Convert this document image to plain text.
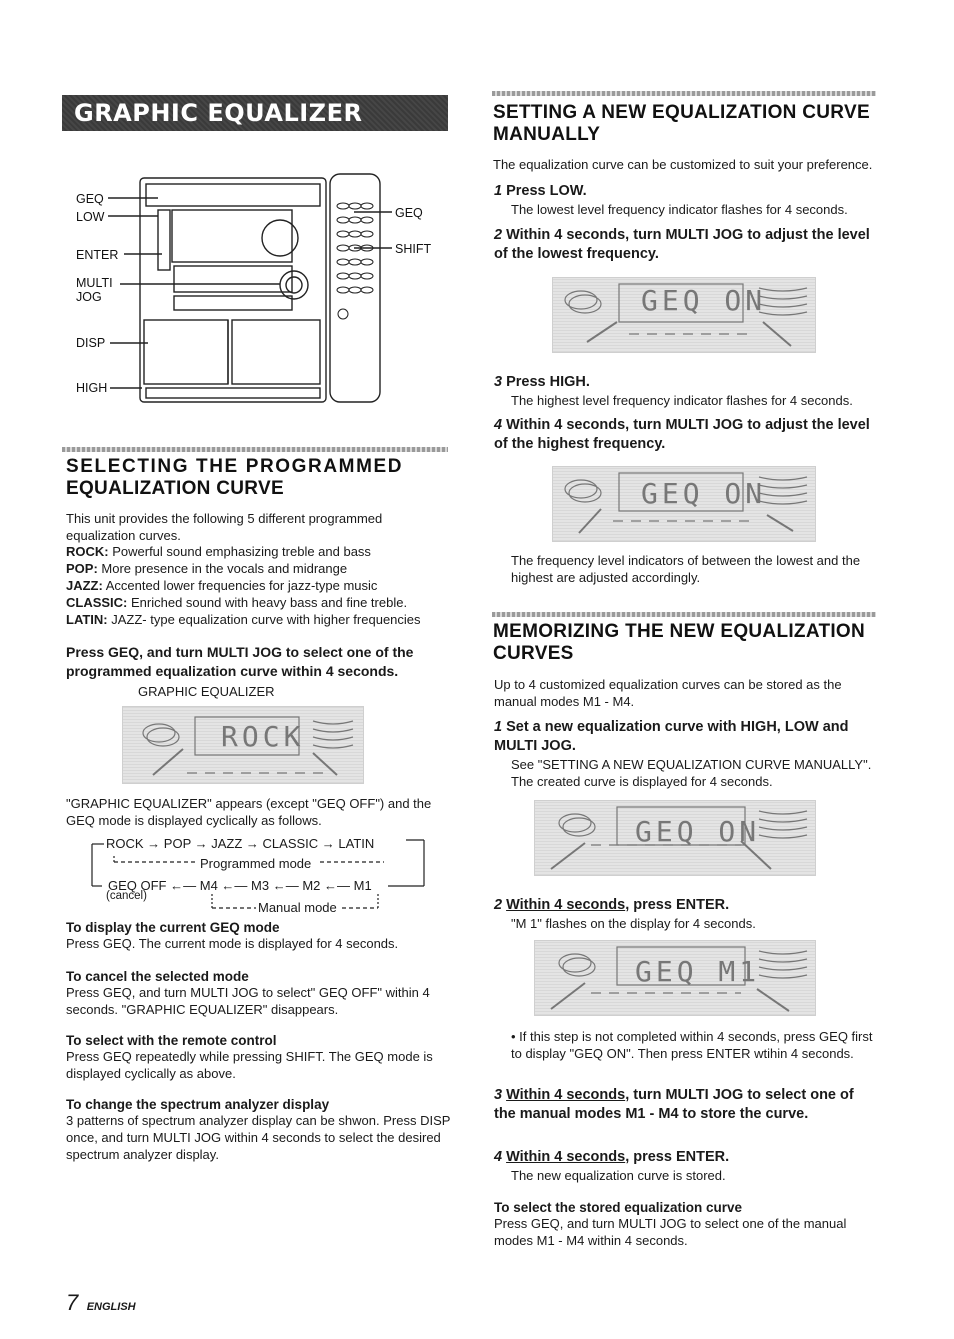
GRAPHIC EQUALIZER
GEQ
LOW
ENTER
MULTI
JOG
DISP
HIGH
GEQ
SHIFT
SELECTING THE PROGRAMMED
EQUALIZATION CURVE
This unit provides the following 5 different programmed equalization curves.
ROCK: Powerful sound emphasizing treble and bass
POP: More presence in the vocals and midrange
JAZZ: Accented lower frequencies for jazz-type music
CLASSIC: Enriched sound with heavy bass and fine treble.
LATIN: JAZZ- type equalization curve with higher frequencies
Press GEQ, and turn MULTI JOG to select one of the programmed equalization curve within 4 seconds.
GRAPHIC EQUALIZER
ROCK
"GRAPHIC EQUALIZER" appears (except "GEQ OFF") and the GEQ mode is displayed cyclically as follows.
ROCK → POP → JAZZ → CLASSIC → LATIN
Programmed mode
GEQ OFF ←— M4 ←— M3 ←— M2 ←— M1
(cancel)
Manual mode
To display the current GEQ mode
Press GEQ. The current mode is displayed for 4 seconds.
To cancel the selected mode
Press GEQ, and turn MULTI JOG to select" GEQ OFF" within 4 seconds. "GRAPHIC EQUALIZER" disappears.
To select with the remote control
Press GEQ repeatedly while pressing SHIFT. The GEQ mode is displayed cyclically as above.
To change the spectrum analyzer display
3 patterns of spectrum analyzer display can be shwon. Press DISP once, and turn MULTI JOG within 4 seconds to select the desired spectrum analyzer display.
SETTING A NEW EQUALIZATION CURVE
MANUALLY
The equalization curve can be customized to suit your preference.
1 Press LOW.
The lowest level frequency indicator flashes for 4 seconds.
2 Within 4 seconds, turn MULTI JOG to adjust the level of the lowest frequency.
GEQ ON
3 Press HIGH.
The highest level frequency indicator flashes for 4 seconds.
4 Within 4 seconds, turn MULTI JOG to adjust the level of the highest frequency.
GEQ ON
The frequency level indicators of between the lowest and the highest are adjusted accordingly.
MEMORIZING THE NEW EQUALIZATION
CURVES
Up to 4 customized equalization curves can be stored as the manual modes M1 - M4.
1 Set a new equalization curve with HIGH, LOW and MULTI JOG.
See "SETTING A NEW EQUALIZATION CURVE MANUALLY". The created curve is displayed for 4 seconds.
GEQ ON
2 Within 4 seconds, press ENTER.
"M 1" flashes on the display for 4 seconds.
GEQ M1
• If this step is not completed within 4 seconds, press GEQ first to display "GEQ ON". Then press ENTER wtihin 4 seconds.
3 Within 4 seconds, turn MULTI JOG to select one of the manual modes M1 - M4 to store the curve.
4 Within 4 seconds, press ENTER.
The new equalization curve is stored.
To select the stored equalization curve
Press GEQ, and turn MULTI JOG to select one of the manual modes M1 - M4 within 4 seconds.
7 ENGLISH
